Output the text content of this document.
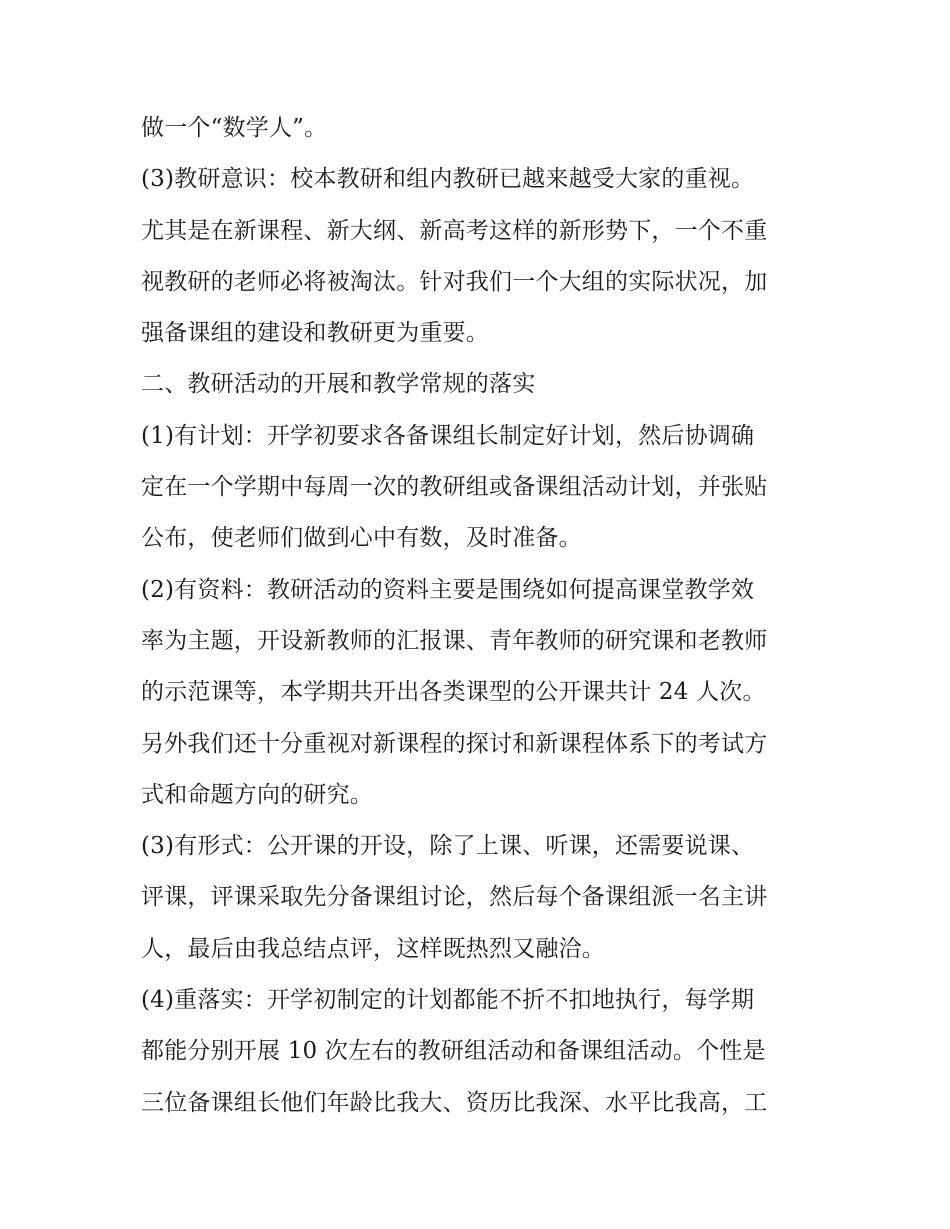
做一个“数学人”。
(3)教研意识：校本教研和组内教研已越来越受大家的重视。
尤其是在新课程、新大纲、新高考这样的新形势下，一个不重
视教研的老师必将被淘汰。针对我们一个大组的实际状况，加
强备课组的建设和教研更为重要。
二、教研活动的开展和教学常规的落实
(1)有计划：开学初要求各备课组长制定好计划，然后协调确
定在一个学期中每周一次的教研组或备课组活动计划，并张贴
公布，使老师们做到心中有数，及时准备。
(2)有资料：教研活动的资料主要是围绕如何提高课堂教学效
率为主题，开设新教师的汇报课、青年教师的研究课和老教师
的示范课等，本学期共开出各类课型的公开课共计 24 人次。
另外我们还十分重视对新课程的探讨和新课程体系下的考试方
式和命题方向的研究。
(3)有形式：公开课的开设，除了上课、听课，还需要说课、
评课，评课采取先分备课组讨论，然后每个备课组派一名主讲
人，最后由我总结点评，这样既热烈又融洽。
(4)重落实：开学初制定的计划都能不折不扣地执行，每学期
都能分别开展 10 次左右的教研组活动和备课组活动。个性是
三位备课组长他们年龄比我大、资历比我深、水平比我高，工
